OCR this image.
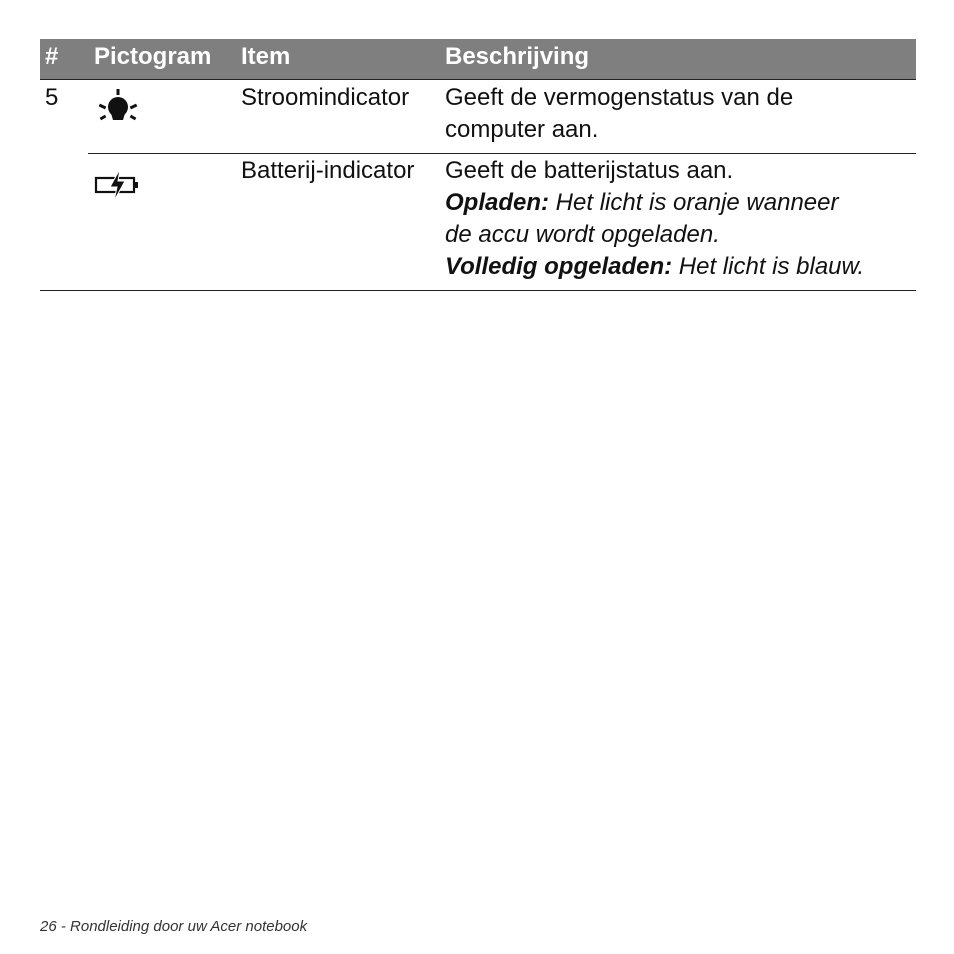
# Pictogram Item	Beschrijving
5	Stroomindicator Geeft de vermogenstatus van de
computer aan.
Batterij-indicator Geeft de batterijstatus aan.
Opladen: Het licht is oranje wanneer
de accu wordt opgeladen.
Volledig opgeladen: Het licht is blauw.
26 - Rondleiding door uw Acer notebook
